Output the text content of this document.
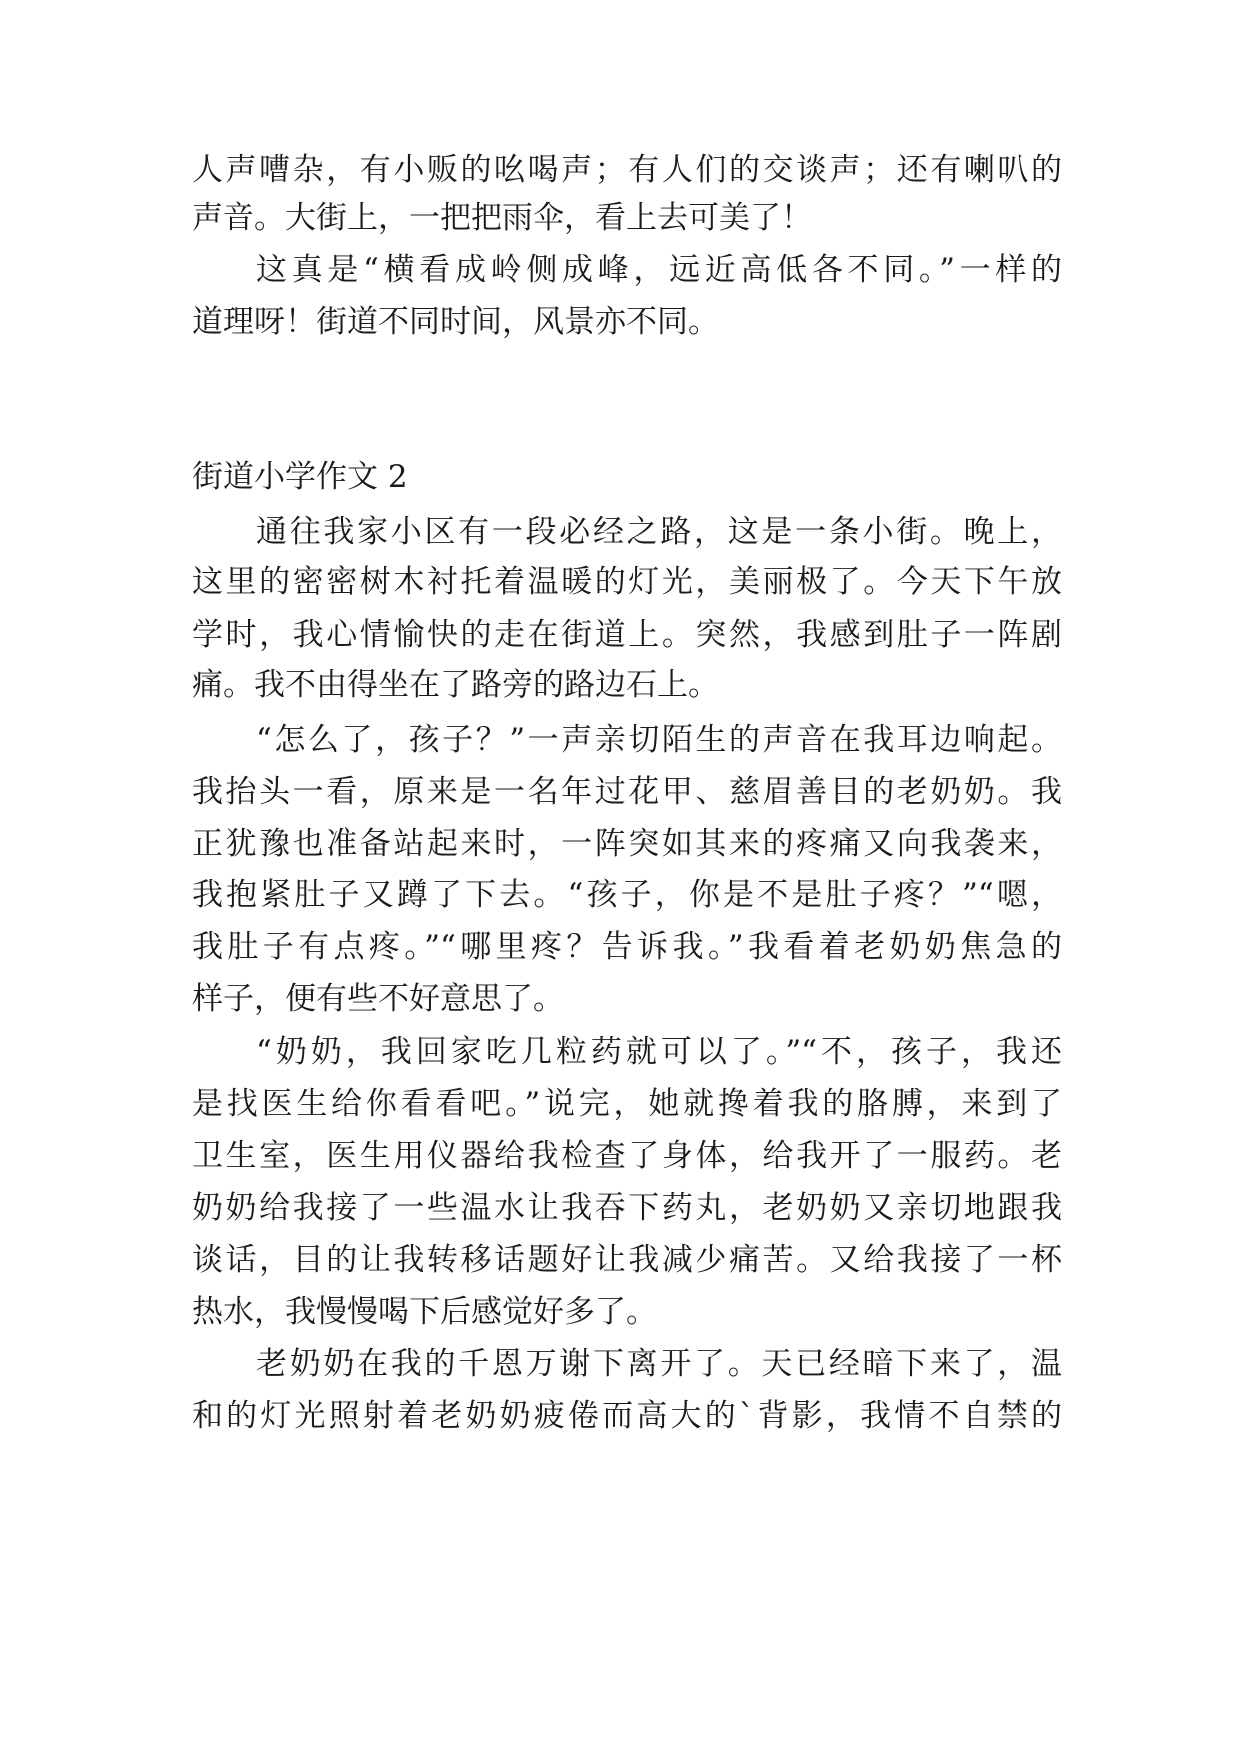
人声嘈杂，有小贩的吆喝声；有人们的交谈声；还有喇叭的
声音。大街上，一把把雨伞，看上去可美了！
这真是“横看成岭侧成峰，远近高低各不同。”一样的
道理呀！街道不同时间，风景亦不同。
街道小学作文 2
通往我家小区有一段必经之路，这是一条小街。晚上，
这里的密密树木衬托着温暖的灯光，美丽极了。今天下午放
学时，我心情愉快的走在街道上。突然，我感到肚子一阵剧
痛。我不由得坐在了路旁的路边石上。
“怎么了，孩子？”一声亲切陌生的声音在我耳边响起。
我抬头一看，原来是一名年过花甲、慈眉善目的老奶奶。我
正犹豫也准备站起来时，一阵突如其来的疼痛又向我袭来，
我抱紧肚子又蹲了下去。“孩子，你是不是肚子疼？”“嗯，
我肚子有点疼。”“哪里疼？告诉我。”我看着老奶奶焦急的
样子，便有些不好意思了。
“奶奶，我回家吃几粒药就可以了。”“不，孩子，我还
是找医生给你看看吧。”说完，她就搀着我的胳膊，来到了
卫生室，医生用仪器给我检查了身体，给我开了一服药。老
奶奶给我接了一些温水让我吞下药丸，老奶奶又亲切地跟我
谈话，目的让我转移话题好让我减少痛苦。又给我接了一杯
热水，我慢慢喝下后感觉好多了。
老奶奶在我的千恩万谢下离开了。天已经暗下来了，温
和的灯光照射着老奶奶疲倦而高大的`背影，我情不自禁的
